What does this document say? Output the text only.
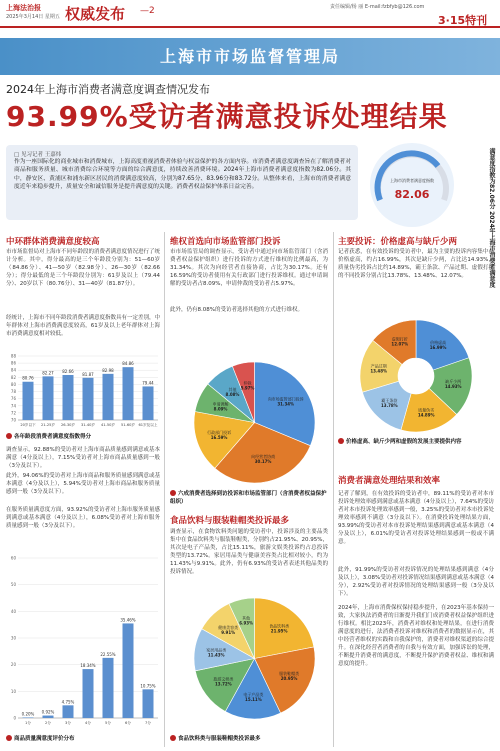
上海法治报
2025年3月14日 星期五 权威发布 —2	责任编辑/杨 丽 E-mail:fzbfyb@126.com
3·15特刊
上海市市场监督管理局
2024年上海市消费者满意度调查情况发布
93.99%受访者满意投诉处理结果
□ 见习记者 王嘉炜
作为一座国际化的商业城市和消费城市，上海高度重视消费者体验与权益保护的各方面内容。市消费者满意度调查旨在了解消费者对商品和服务质量、城市消费综合环境等方面的综合满意度，持续改善消费环境。2024年上海市消费者满意度指数为82.06分。其中，静安区、黄浦区和浦东新区居民的消费满意度较高，分别为87.65分、83.96分和83.72分。从整体来看，上海市的消费者满意度近年来稳步提升，质量安全和诚信服务是提升满意度的关键。消费者权益保护体系日益完善。
上海市消费者满意度指数
82.06	满意度指数为82.06分 2024年上海市消费者满意度
中环群体消费满意度较高
市市场监督局对上海市不同年龄段的消费者满意度情况进行了统计分析。其中，得分最高的是三个年龄段分别为：51—60岁（84.86分）、41—50岁（82.98分）、26—30岁（82.66分）；得分最低的是三个年龄段分别为：61岁及以上（79.44分）、20岁以下（80.76分）、31—40岁（81.87分）。
经统计，上海市不同年龄段消费者满意度指数具有一定差别，中年群体对上海市消费满意度较高，61岁及以上老年群体对上海市消费满意度相对较低。
70
72
74
76
78
80
82
84
86
88
80.76
20岁以下
82.27
21-25岁
82.66
26-30岁
81.87
31-40岁
82.98
41-50岁
84.86
51-60岁
79.44
61岁及以上
各年龄段消费者满意度指数得分
调查显示，92.88%的受访者对上海市商品质量感到满意或基本满意（4分及以上），7.15%受访者对上海市商品质量感到一般（3分及以下）。
此外，94.06%的受访者对上海市商品和服务质量感到满意或基本满意（4分及以上），5.94%受访者对上海市商品和服务质量感到一般（3分及以下）。
在服务质量满意度方面，93.92%的受访者对上海市服务质量感到满意或基本满意（4分及以上），6.08%受访者对上海市服务质量感到一般（3分及以下）。
0
10
20
30
40
50
60
0.20%
1分
0.92%
2分
4.75%
3分
18.34%
4分
22.55%
5分
35.46%
6分
10.75%
7分
商品质量满意度评价分布
维权首选向市场监管部门投诉
市市场监管局的调查显示，受访者中通过向市场监管部门（含消费者权益保护组织）进行投诉的方式进行维权的比例最高，为31.34%。其次为向经营者直接协商，占比为30.17%。还有16.59%的受访者使用有关行政部门进行投诉维权。通过申请调解的受访者占8.09%，申请仲裁的受访者占5.97%。
此外，仍有8.08%的受访者选择其他的方式进行维权。
向市场监管部门投诉
31.34%
向经营者协商
30.17%
行政部门投诉
16.59%
申请调解
8.09%
其他
8.08%
仲裁
5.97%
六成消费者选择到访投诉和市场监管部门（含消费者权益保护组织）
食品饮料与服装鞋帽类投诉最多
调查显示，在食物饮料类问题的受访者中，投诉涉及的主要品类集中在食品饮料类与服装鞋帽类，分别约占21.95%、20.95%，其次是电子产品类，占比15.11%，旅游文娱类投诉约占总投诉类型的13.72%。家居用品类与健康美容类占比相对较小，约为11.43%与9.91%。此外，仍有6.93%的受访者表述其他品类的投诉情况。
食品饮料类
21.95%
服装鞋帽类
20.95%
电子产品类
15.11%
旅游文娱类
13.72%
家居用品类
11.43%
健康美容类
9.91%
其他
6.93%
食品饮料类与服装鞋帽类投诉最多
主要投诉：价格虚高与缺斤少两
记者获悉，在有效投诉的受访者中，最为主要的投诉内容集中在价格虚高，约占16.99%，其次是缺斤少两，占比达14.93%，质量伪劣投诉占比约14.89%，霸王条款、产品过期、虚假打折的不同投诉分别占比13.78%、13.48%、12.07%。
价格虚高
16.99%
缺斤少两
14.93%
质量伪劣
14.89%
霸王条款
13.78%
产品过期
13.48%
虚假打折
12.07%
价格虚高、缺斤少两和虚假的发展主要提供内容
消费者满意处理结果和效率
记者了解到，在有效投诉的受访者中，89.11%的受访者对本市投诉处理效率感到满意或基本满意（4分及以上），7.64%的受访者对本市投诉处理效率感到一般，3.25%的受访者对本市投诉处理效率感到不满意（3分及以下）。在消费投诉处理结果方面，93.99%的受访者对本市投诉处理结果感到满意或基本满意（4分及以上），6.01%的受访者对投诉处理结果感到一般或不满意。
此外，91.99%的受访者对投诉情况的处理结果感到满意（4分及以上），3.08%受访者对投诉情况结果感到满意或基本满意（4分），2.92%受访者对投诉情况的处理结果感到一般（3分及以下）。
2024年，上海市消费保权保持稳步提升，在2023年基本保持一致，大家执法消费者的日渐提升我们门成消费者权益保护组织进行维权。相比2023年，消费者对维权和处理结果，在进行消费满意度的进行，法消费者投诉对维权和消费者的数据显示在，其中经营者维权的实践和自我保护的，消费者对维权渠道的综合提升。在深化经营者消费者的自我与有效方面，加强诉讼的处理，不断提升消费者的满意度，不断提升保护消费者权益、维权和满意度的提升。
